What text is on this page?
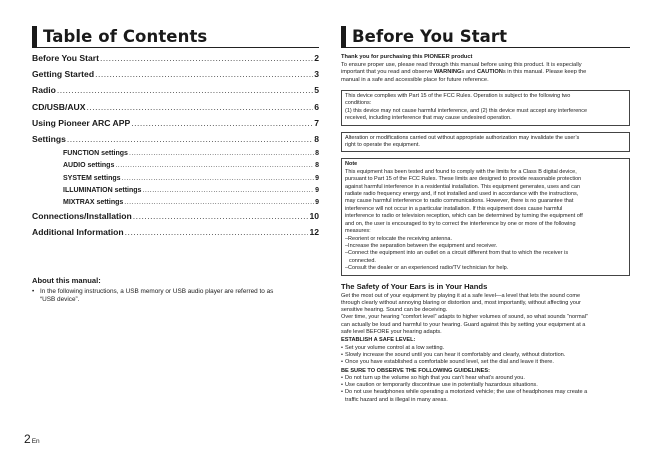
Table of Contents
Before You Start .....	2
Getting Started .....	3
Radio .....	5
CD/USB/AUX .....	6
Using Pioneer ARC APP .....	7
Settings .....	8
FUNCTION settings .....	8
AUDIO settings .....	8
SYSTEM settings .....	9
ILLUMINATION settings .....	9
MIXTRAX settings .....	9
Connections/Installation .....	10
Additional Information .....	12
About this manual:
• In the following instructions, a USB memory or USB audio player are referred to as
“USB device”.
2 En
Before You Start
Thank you for purchasing this PIONEER product
To ensure proper use, please read through this manual before using this product. It is especially
important that you read and observe WARNINGs and CAUTIONs in this manual. Please keep the
manual in a safe and accessible place for future reference.
This device complies with Part 15 of the FCC Rules. Operation is subject to the following two
conditions:
(1) this device may not cause harmful interference, and (2) this device must accept any interference
received, including interference that may cause undesired operation.
Alteration or modifications carried out without appropriate authorization may invalidate the user’s
right to operate the equipment.
Note
This equipment has been tested and found to comply with the limits for a Class B digital device,
pursuant to Part 15 of the FCC Rules. These limits are designed to provide reasonable protection
against harmful interference in a residential installation. This equipment generates, uses and can
radiate radio frequency energy and, if not installed and used in accordance with the instructions,
may cause harmful interference to radio communications. However, there is no guarantee that
interference will not occur in a particular installation. If this equipment does cause harmful
interference to radio or television reception, which can be determined by turning the equipment off
and on, the user is encouraged to try to correct the interference by one or more of the following
measures:
–Reorient or relocate the receiving antenna.
–Increase the separation between the equipment and receiver.
–Connect the equipment into an outlet on a circuit different from that to which the receiver is
connected.
–Consult the dealer or an experienced radio/TV technician for help.
The Safety of Your Ears is in Your Hands
Get the most out of your equipment by playing it at a safe level—a level that lets the sound come
through clearly without annoying blaring or distortion and, most importantly, without affecting your
sensitive hearing. Sound can be deceiving.
Over time, your hearing “comfort level” adapts to higher volumes of sound, so what sounds “normal”
can actually be loud and harmful to your hearing. Guard against this by setting your equipment at a
safe level BEFORE your hearing adapts.
ESTABLISH A SAFE LEVEL:
• Set your volume control at a low setting.
• Slowly increase the sound until you can hear it comfortably and clearly, without distortion.
• Once you have established a comfortable sound level, set the dial and leave it there.
BE SURE TO OBSERVE THE FOLLOWING GUIDELINES:
• Do not turn up the volume so high that you can’t hear what’s around you.
• Use caution or temporarily discontinue use in potentially hazardous situations.
• Do not use headphones while operating a motorized vehicle; the use of headphones may create a
traffic hazard and is illegal in many areas.
